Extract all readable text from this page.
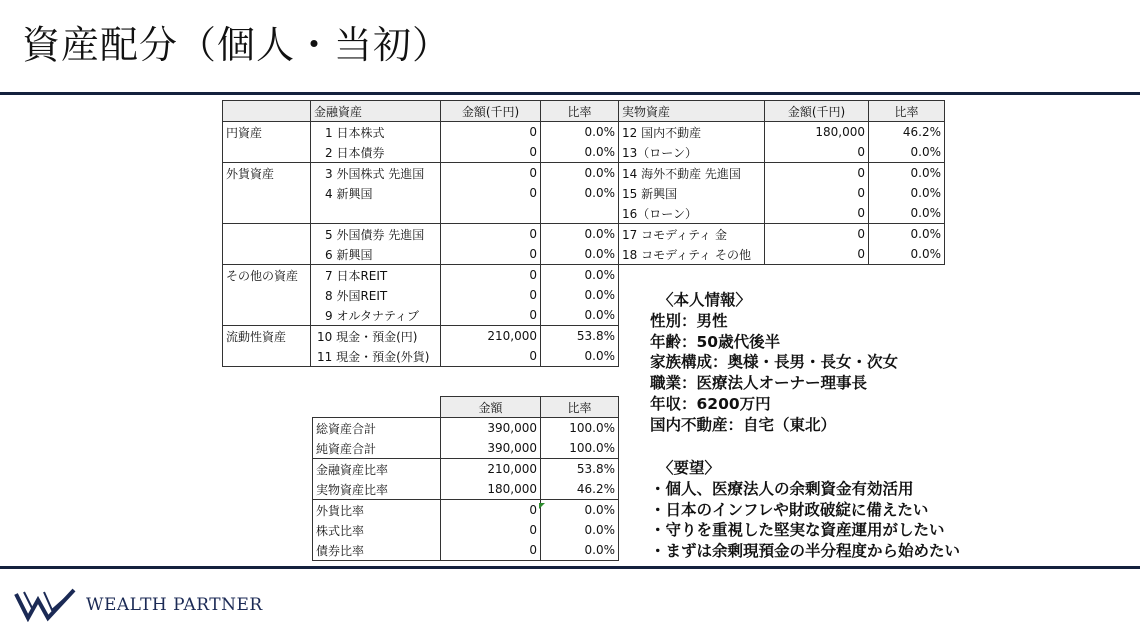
資産配分（個人・当初）
	金融資産	金額(千円)	比率	実物資産	金額(千円)	比率
円資産	1 日本株式	0	0.0%	12 国内不動産	180,000	46.2%
	2 日本債券	0	0.0%	13（ローン）	0	0.0%
外貨資産	3 外国株式 先進国	0	0.0%	14 海外不動産 先進国	0	0.0%
	4 新興国	0	0.0%	15 新興国	0	0.0%
				16（ローン）	0	0.0%
	5 外国債券 先進国	0	0.0%	17 コモディティ 金	0	0.0%
	6 新興国	0	0.0%	18 コモディティ その他	0	0.0%
その他の資産	7 日本REIT	0	0.0%			
	8 外国REIT	0	0.0%			
	9 オルタナティブ	0	0.0%			
流動性資産	10 現金・預金(円)	210,000	53.8%			
	11 現金・預金(外貨)	0	0.0%			
	金額	比率
総資産合計	390,000	100.0%
純資産合計	390,000	100.0%
金融資産比率	210,000	53.8%
実物資産比率	180,000	46.2%
外貨比率	0	0.0%
株式比率	0	0.0%
債券比率	0	0.0%
〈本人情報〉
性別：男性
年齢：50歳代後半
家族構成：奥様・長男・長女・次女
職業：医療法人オーナー理事長
年収：6200万円
国内不動産：自宅（東北）
〈要望〉
・個人、医療法人の余剰資金有効活用
・日本のインフレや財政破綻に備えたい
・守りを重視した堅実な資産運用がしたい
・まずは余剰現預金の半分程度から始めたい
WEALTH PARTNER
